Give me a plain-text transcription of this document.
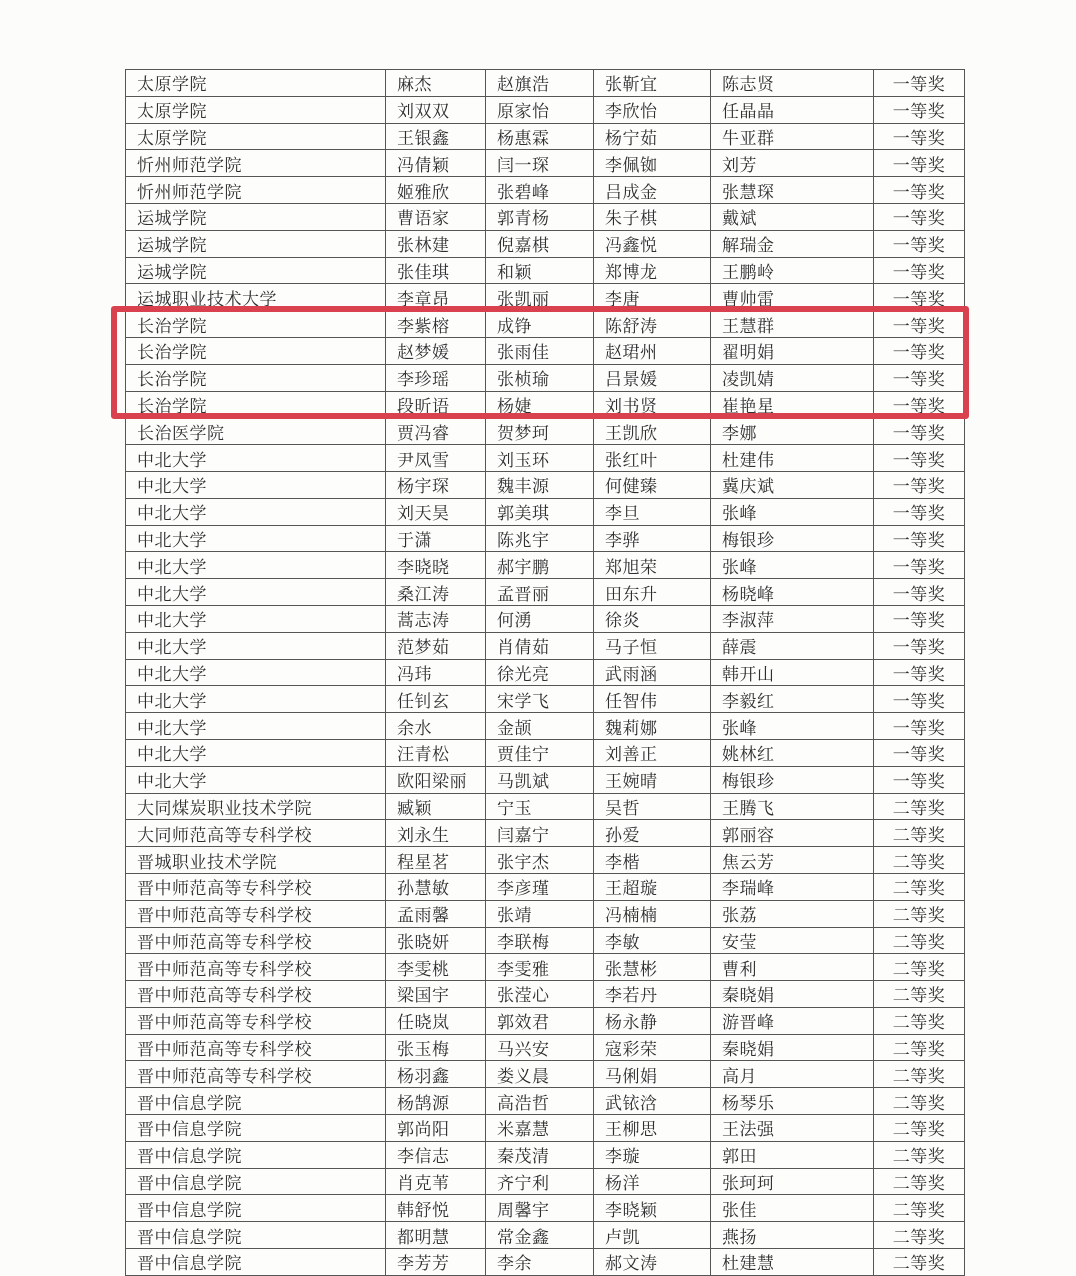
太原学院	麻杰	赵旗浩	张靳宜	陈志贤	一等奖
太原学院	刘双双	原家怡	李欣怡	任晶晶	一等奖
太原学院	王银鑫	杨惠霖	杨宁茹	牛亚群	一等奖
忻州师范学院	冯倩颖	闫一琛	李佩铷	刘芳	一等奖
忻州师范学院	姬雅欣	张碧峰	吕成金	张慧琛	一等奖
运城学院	曹语家	郭青杨	朱子棋	戴斌	一等奖
运城学院	张林建	倪嘉棋	冯鑫悦	解瑞金	一等奖
运城学院	张佳琪	和颖	郑博龙	王鹏岭	一等奖
运城职业技术大学	李章昂	张凯丽	李唐	曹帅雷	一等奖
长治学院	李紫榕	成铮	陈舒涛	王慧群	一等奖
长治学院	赵梦媛	张雨佳	赵珺州	翟明娟	一等奖
长治学院	李珍瑶	张桢瑜	吕景媛	凌凯婧	一等奖
长治学院	段昕语	杨婕	刘书贤	崔艳星	一等奖
长治医学院	贾冯睿	贺梦珂	王凯欣	李娜	一等奖
中北大学	尹凤雪	刘玉环	张红叶	杜建伟	一等奖
中北大学	杨宇琛	魏丰源	何健臻	冀庆斌	一等奖
中北大学	刘天昊	郭美琪	李旦	张峰	一等奖
中北大学	于潇	陈兆宇	李骅	梅银珍	一等奖
中北大学	李晓晓	郝宇鹏	郑旭荣	张峰	一等奖
中北大学	桑江涛	孟晋丽	田东升	杨晓峰	一等奖
中北大学	蒿志涛	何湧	徐炎	李淑萍	一等奖
中北大学	范梦茹	肖倩茹	马子恒	薛震	一等奖
中北大学	冯玮	徐光亮	武雨涵	韩开山	一等奖
中北大学	任钊玄	宋学飞	任智伟	李毅红	一等奖
中北大学	余水	金颉	魏莉娜	张峰	一等奖
中北大学	汪青松	贾佳宁	刘善正	姚林红	一等奖
中北大学	欧阳梁丽	马凯斌	王婉晴	梅银珍	一等奖
大同煤炭职业技术学院	臧颖	宁玉	吴哲	王腾飞	二等奖
大同师范高等专科学校	刘永生	闫嘉宁	孙爱	郭丽容	二等奖
晋城职业技术学院	程星茗	张宇杰	李楷	焦云芳	二等奖
晋中师范高等专科学校	孙慧敏	李彦瑾	王超璇	李瑞峰	二等奖
晋中师范高等专科学校	孟雨馨	张靖	冯楠楠	张荔	二等奖
晋中师范高等专科学校	张晓妍	李联梅	李敏	安莹	二等奖
晋中师范高等专科学校	李雯桃	李雯雅	张慧彬	曹利	二等奖
晋中师范高等专科学校	梁国宇	张滢心	李若丹	秦晓娟	二等奖
晋中师范高等专科学校	任晓岚	郭效君	杨永静	游晋峰	二等奖
晋中师范高等专科学校	张玉梅	马兴安	寇彩荣	秦晓娟	二等奖
晋中师范高等专科学校	杨羽鑫	娄义晨	马俐娟	高月	二等奖
晋中信息学院	杨鹄源	高浩哲	武铱浛	杨琴乐	二等奖
晋中信息学院	郭尚阳	米嘉慧	王柳思	王法强	二等奖
晋中信息学院	李信志	秦茂清	李璇	郭田	二等奖
晋中信息学院	肖克苇	齐宁利	杨洋	张珂珂	二等奖
晋中信息学院	韩舒悦	周馨宇	李晓颖	张佳	二等奖
晋中信息学院	都明慧	常金鑫	卢凯	燕扬	二等奖
晋中信息学院	李芳芳	李余	郝文涛	杜建慧	二等奖
